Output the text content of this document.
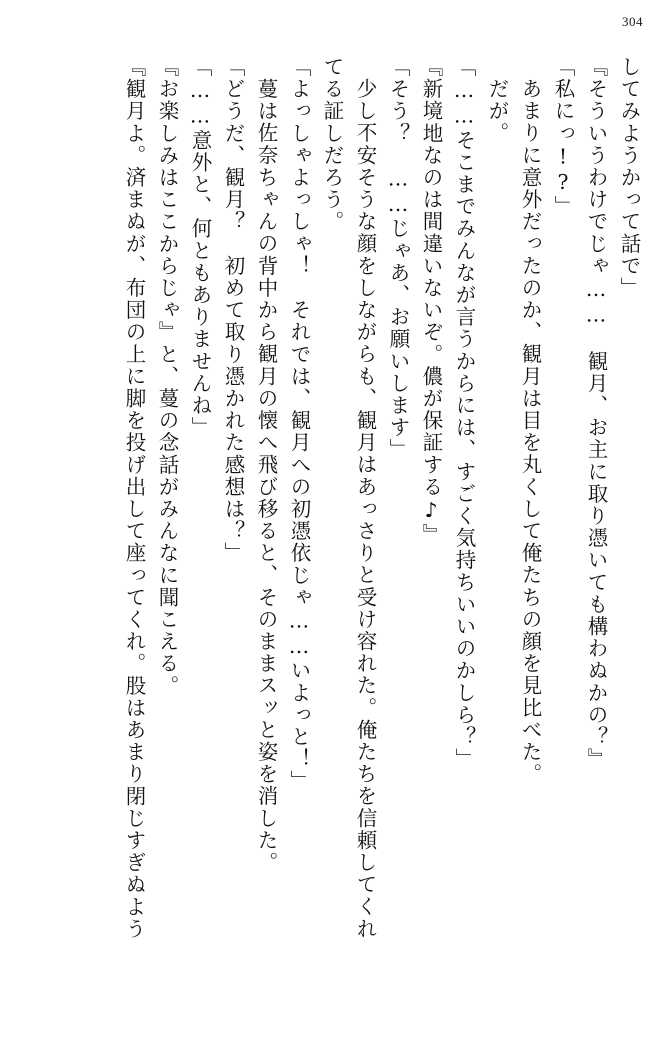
304
してみようかって話で」
『そういうわけでじゃ……　観月、お主に取り憑いても構わぬかの？』
「私にっ!?」
あまりに意外だったのか、観月は目を丸くして俺たちの顔を見比べた。
だが。
「……そこまでみんなが言うからには、すごく気持ちいいのかしら？」
『新境地なのは間違いないぞ。儂が保証する♪』
「そう？　……じゃあ、お願いします」
少し不安そうな顔をしながらも、観月はあっさりと受け容れた。俺たちを信頼してくれ
てる証しだろう。
「よっしゃよっしゃ！　それでは、観月への初憑依じゃ……いよっと！」
蔓は佐奈ちゃんの背中から観月の懐へ飛び移ると、そのままスッと姿を消した。
「どうだ、観月？　初めて取り憑かれた感想は？」
「……意外と、何ともありませんね」
『お楽しみはここからじゃ』と、蔓の念話がみんなに聞こえる。
『観月よ。済まぬが、布団の上に脚を投げ出して座ってくれ。股はあまり閉じすぎぬよう
